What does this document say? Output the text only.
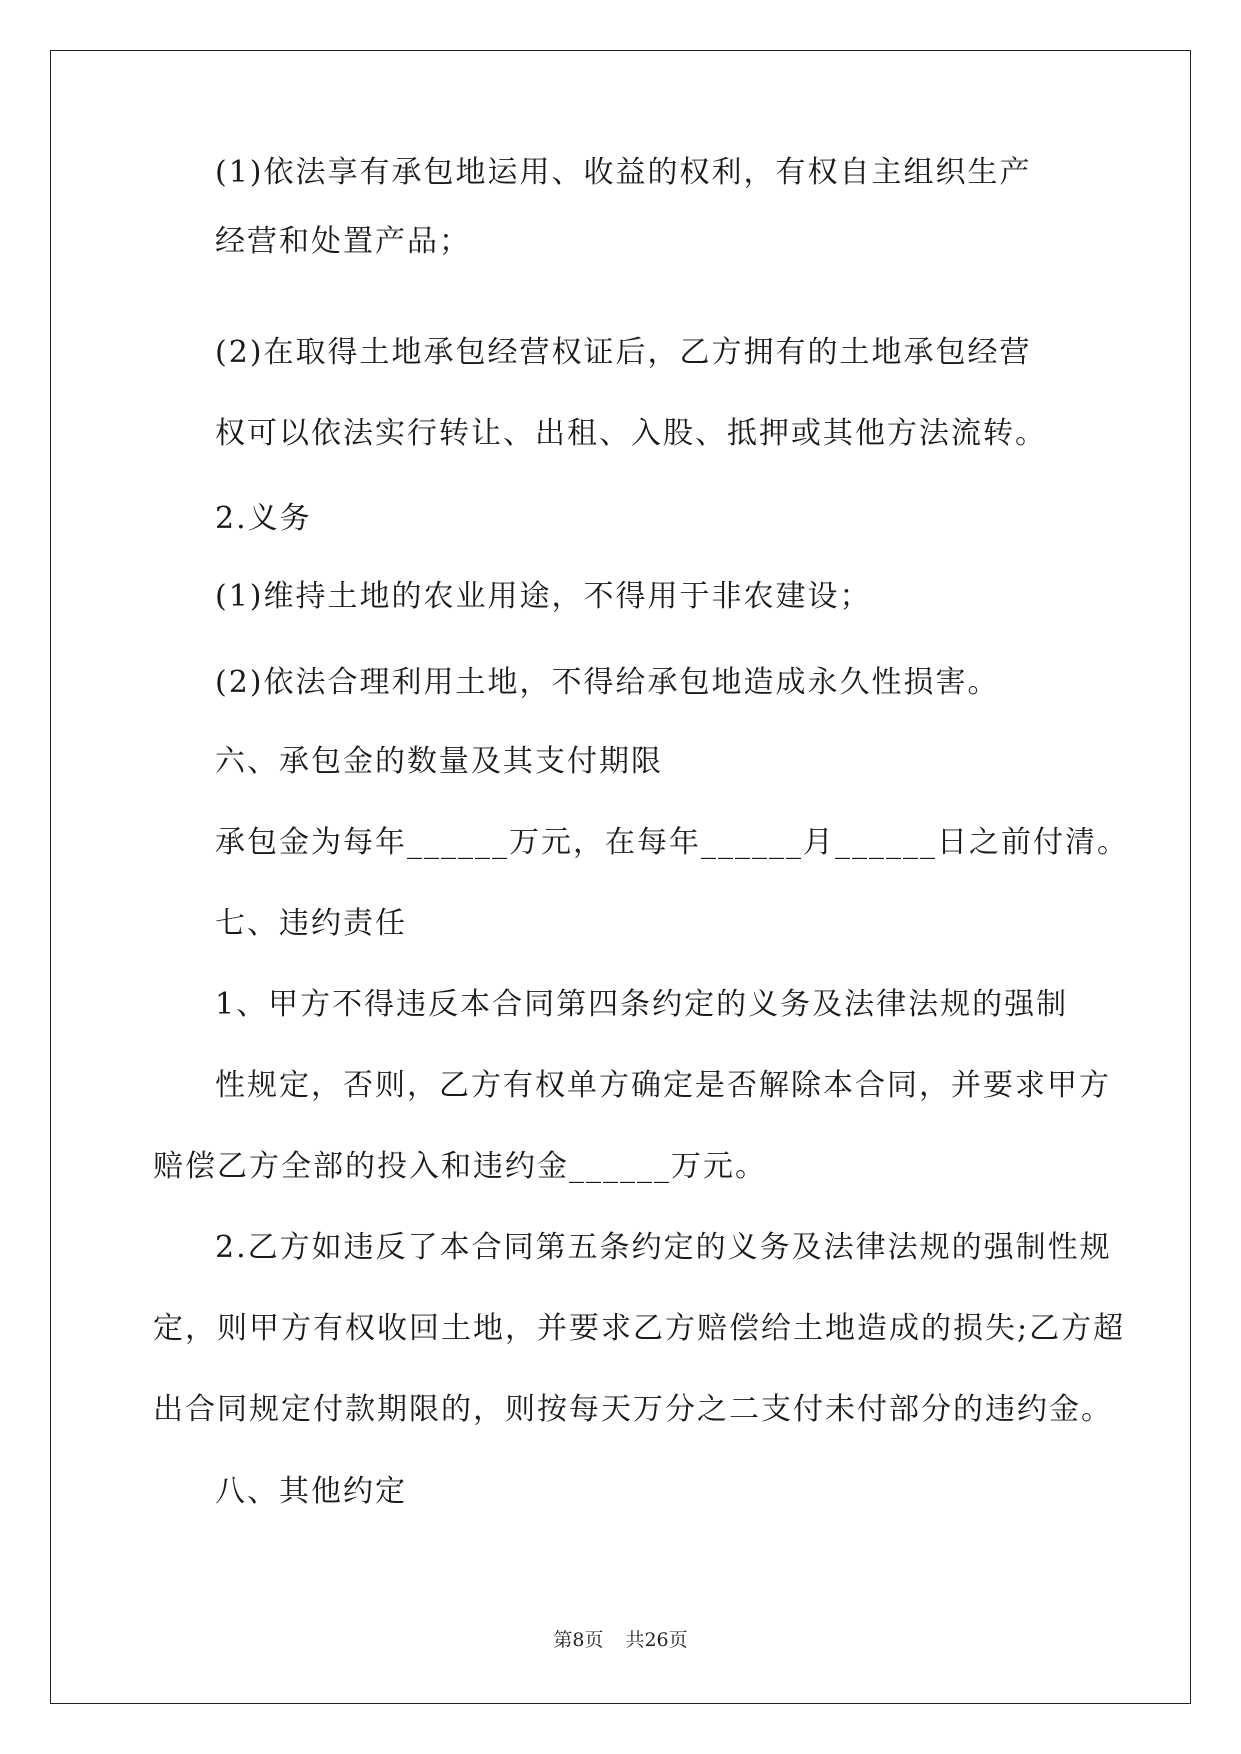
(1)依法享有承包地运用、收益的权利，有权自主组织生产
经营和处置产品；
(2)在取得土地承包经营权证后，乙方拥有的土地承包经营
权可以依法实行转让、出租、入股、抵押或其他方法流转。
2.义务
(1)维持土地的农业用途，不得用于非农建设；
(2)依法合理利用土地，不得给承包地造成永久性损害。
六、承包金的数量及其支付期限
承包金为每年______万元，在每年______月______日之前付清。
七、违约责任
1、甲方不得违反本合同第四条约定的义务及法律法规的强制
性规定，否则，乙方有权单方确定是否解除本合同，并要求甲方
赔偿乙方全部的投入和违约金______万元。
2.乙方如违反了本合同第五条约定的义务及法律法规的强制性规
定，则甲方有权收回土地，并要求乙方赔偿给土地造成的损失;乙方超
出合同规定付款期限的，则按每天万分之二支付未付部分的违约金。
八、其他约定
第8页 共26页
